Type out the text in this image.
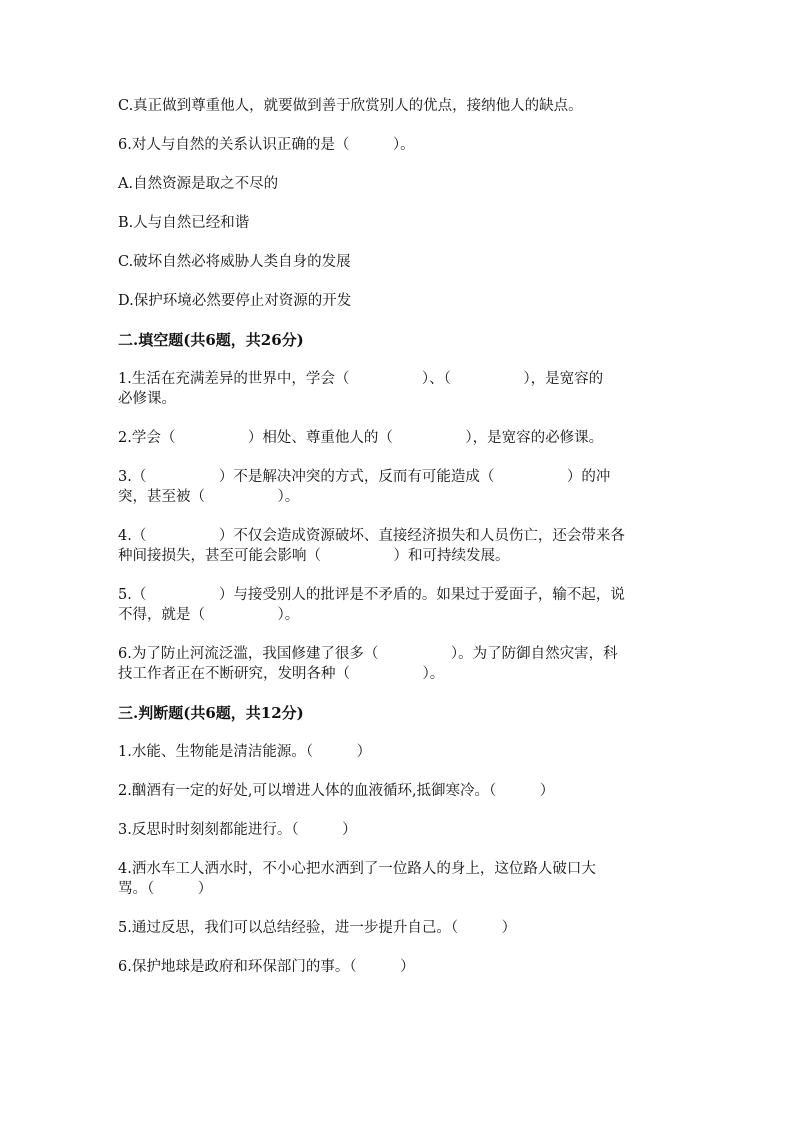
C.真正做到尊重他人，就要做到善于欣赏别人的优点，接纳他人的缺点。

6.对人与自然的关系认识正确的是（　　　）。

A.自然资源是取之不尽的

B.人与自然已经和谐

C.破坏自然必将威胁人类自身的发展

D.保护环境必然要停止对资源的开发

二.填空题(共6题，共26分)

1.生活在充满差异的世界中，学会（　　　　　）、（　　　　　），是宽容的

必修课。

2.学会（　　　　　）相处、尊重他人的（　　　　　），是宽容的必修课。

3.（　　　　　）不是解决冲突的方式，反而有可能造成（　　　　　）的冲

突，甚至被（　　　　　）。

4.（　　　　　）不仅会造成资源破坏、直接经济损失和人员伤亡，还会带来各

种间接损失，甚至可能会影响（　　　　　）和可持续发展。

5.（　　　　　）与接受别人的批评是不矛盾的。如果过于爱面子，输不起，说

不得，就是（　　　　　）。

6.为了防止河流泛滥，我国修建了很多（　　　　　）。为了防御自然灾害，科

技工作者正在不断研究，发明各种（　　　　　）。

三.判断题(共6题，共12分)

1.水能、生物能是清洁能源。（　　　）

2.酗酒有一定的好处,可以增进人体的血液循环,抵御寒冷。（　　　）

3.反思时时刻刻都能进行。（　　　）

4.洒水车工人洒水时，不小心把水洒到了一位路人的身上，这位路人破口大

骂。（　　　）

5.通过反思，我们可以总结经验，进一步提升自己。（　　　）

6.保护地球是政府和环保部门的事。（　　　）
